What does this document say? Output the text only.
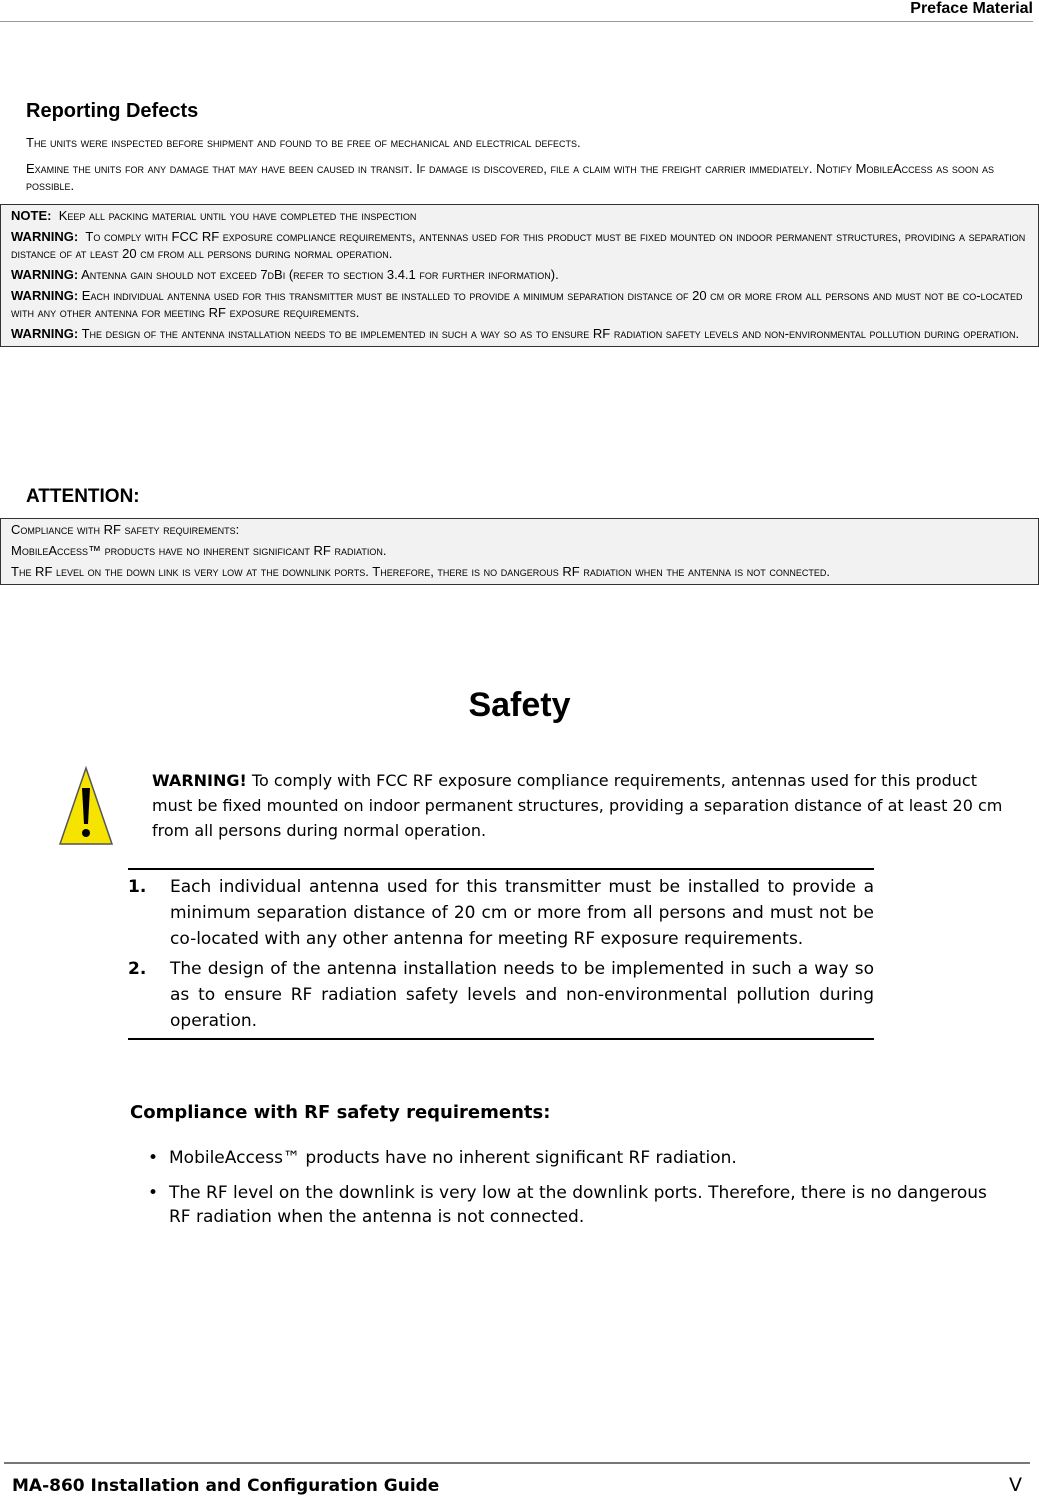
Preface Material
Reporting Defects
The units were inspected before shipment and found to be free of mechanical and electrical defects.
Examine the units for any damage that may have been caused in transit. If damage is discovered, file a claim with the freight carrier immediately. Notify MobileAccess as soon as possible.

NOTE: Keep all packing material until you have completed the inspection

WARNING: To comply with FCC RF exposure compliance requirements, antennas used for this product must be fixed mounted on indoor permanent structures, providing a separation distance of at least 20 cm from all persons during normal operation.

WARNING: Antenna gain should not exceed 7dBi (refer to section 3.4.1 for further information).

WARNING: Each individual antenna used for this transmitter must be installed to provide a minimum separation distance of 20 cm or more from all persons and must not be co-located with any other antenna for meeting RF exposure requirements.

WARNING: The design of the antenna installation needs to be implemented in such a way so as to ensure RF radiation safety levels and non-environmental pollution during operation.

ATTENTION:

Compliance with RF safety requirements:

MobileAccess™ products have no inherent significant RF radiation.

The RF level on the down link is very low at the downlink ports. Therefore, there is no dangerous RF radiation when the antenna is not connected.

Safety
WARNING! To comply with FCC RF exposure compliance requirements, antennas used for this product must be fixed mounted on indoor permanent structures, providing a separation distance of at least 20 cm from all persons during normal operation.
1.	Each individual antenna used for this transmitter must be installed to provide a minimum separation distance of 20 cm or more from all persons and must not be co-located with any other antenna for meeting RF exposure requirements.
2.	The design of the antenna installation needs to be implemented in such a way so as to ensure RF radiation safety levels and non-environmental pollution during operation.
Compliance with RF safety requirements:
• MobileAccess™ products have no inherent significant RF radiation.
• The RF level on the downlink is very low at the downlink ports. Therefore, there is no dangerous RF radiation when the antenna is not connected.
MA-860 Installation and Configuration Guide	V
